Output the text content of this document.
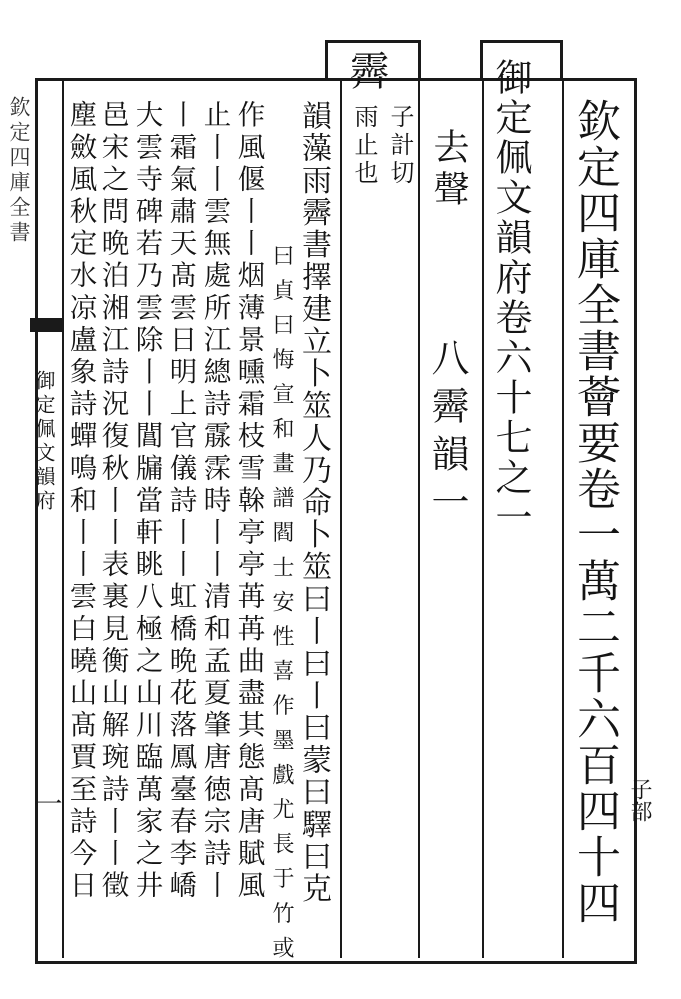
欽定四庫全書薈要卷一萬二千六百四十四 子部
御定佩文韻府卷六十七之一
去聲
八霽韻一
霽
子計切
雨止也
韻藻雨霽書擇建立卜筮人乃命卜筮曰丨曰丨曰蒙曰驛曰克
曰貞曰悔宣和畫譜閻士安性喜作墨戲尤長于竹或
作風偃丨丨烟薄景曛霜枝雪榦亭亭苒苒曲盡其態髙唐賦風
止丨丨雲無處所江總詩霡霂時丨丨清和孟夏肇唐徳宗詩丨
丨霜氣肅天髙雲日明上官儀詩丨丨虹橋晩花落鳳臺春李嶠
大雲寺碑若乃雲除丨丨閶牖當軒眺八極之山川臨萬家之井
邑宋之問晩泊湘江詩況復秋丨丨表裏見衡山解琬詩丨丨徵
塵斂風秋定水凉盧象詩蟬鳴和丨丨雲白曉山髙賈至詩今日
欽定四庫全書
御定佩文韻府
一
